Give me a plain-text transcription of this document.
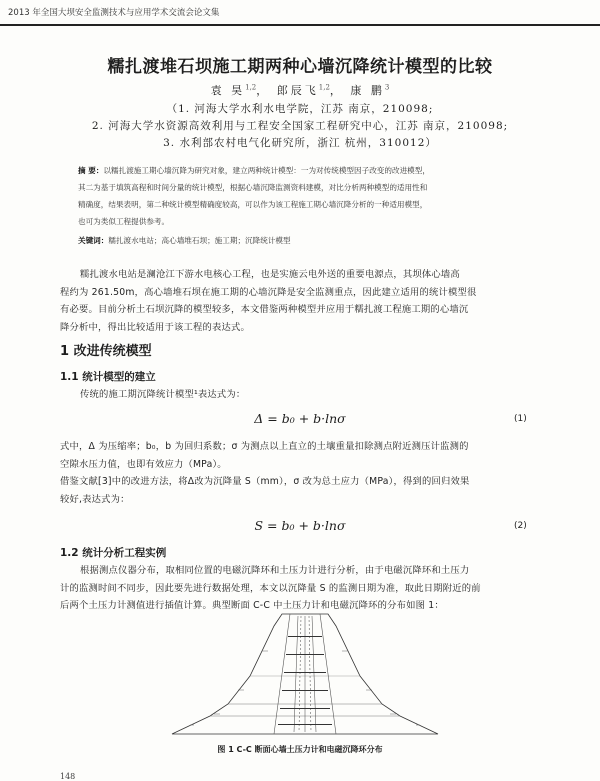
2013 年全国大坝安全监测技术与应用学术交流会论文集
糯扎渡堆石坝施工期两种心墙沉降统计模型的比较
袁 昊$^{1,2}$， 郎辰飞$^{1,2}$， 康 鹏$^3$
（1. 河海大学水利水电学院，江苏 南京，210098;
2. 河海大学水资源高效利用与工程安全国家工程研究中心，江苏 南京，210098;
3. 水利部农村电气化研究所，浙江 杭州，310012）
摘 要：以糯扎渡施工期心墙沉降为研究对象，建立两种统计模型：一为对传统模型因子改变的改进模型，
其二为基于填筑高程和时间分量的统计模型，根据心墙沉降监测资料建模，对比分析两种模型的适用性和
精确度，结果表明，第二种统计模型精确度较高，可以作为该工程施工期心墙沉降分析的一种适用模型，
也可为类似工程提供参考。
关键词：糯扎渡水电站；高心墙堆石坝；施工期；沉降统计模型
糯扎渡水电站是澜沧江下游水电核心工程，也是实施云电外送的重要电源点，其坝体心墙高
程约为 261.50m，高心墙堆石坝在施工期的心墙沉降是安全监测重点，因此建立适用的统计模型很
有必要。目前分析土石坝沉降的模型较多，本文借鉴两种模型并应用于糯扎渡工程施工期的心墙沉
降分析中，得出比较适用于该工程的表达式。
1 改进传统模型
1.1 统计模型的建立
传统的施工期沉降统计模型¹表达式为：
Δ = b₀ + b·lnσ	(1)
式中，Δ 为压缩率；b₀，b 为回归系数；σ 为测点以上直立的土壤重量扣除测点附近测压计监测的
空隙水压力值，也即有效应力（MPa）。
借鉴文献[3]中的改进方法，将Δ改为沉降量 S（mm），σ 改为总土应力（MPa），得到的回归效果
较好,表达式为：
S = b₀ + b·lnσ	(2)
1.2 统计分析工程实例
根据测点仪器分布，取相同位置的电磁沉降环和土压力计进行分析，由于电磁沉降环和土压力
计的监测时间不同步，因此要先进行数据处理，本文以沉降量 S 的监测日期为准，取此日期附近的前
后两个土压力计测值进行插值计算。典型断面 C-C 中土压力计和电磁沉降环的分布如图 1：
图 1 C-C 断面心墙土压力计和电磁沉降环分布
148
